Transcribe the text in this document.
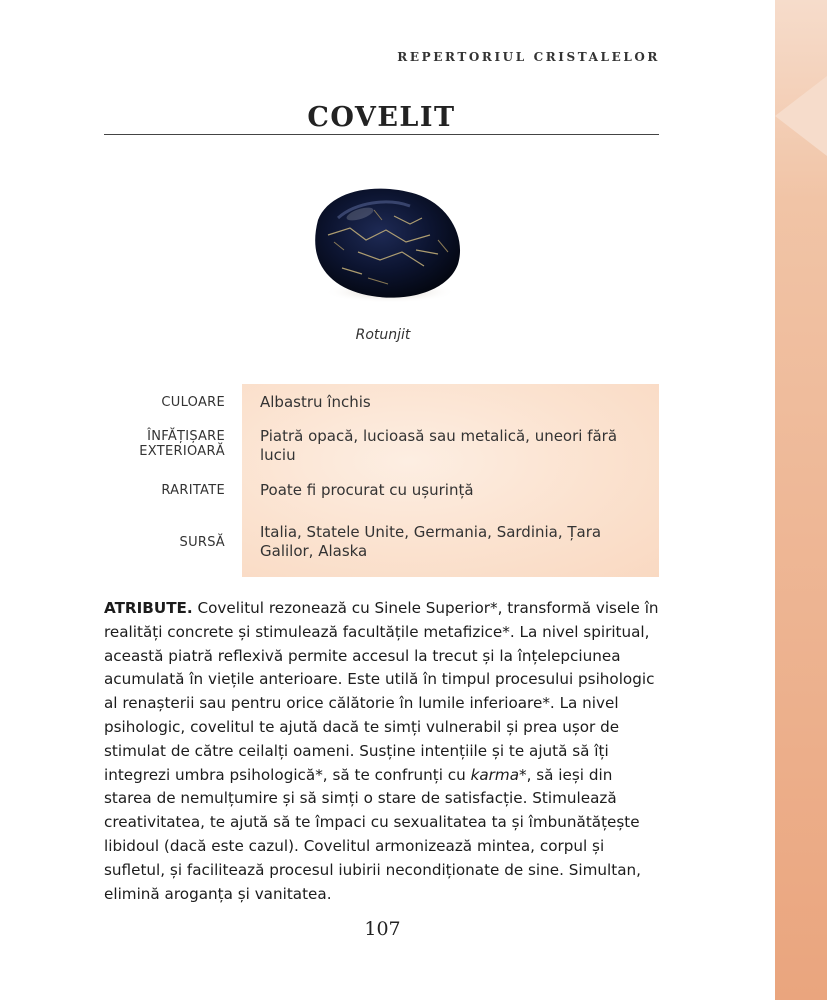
REPERTORIUL CRISTALELOR
COVELIT
Rotunjit
CULOARE Albastru închis
ÎNFĂȚIȘARE EXTERIOARĂ
Piatră opacă, lucioasă sau metalică, uneori fără luciu
RARITATE Poate fi procurat cu ușurință
SURSĂ
Italia, Statele Unite, Germania, Sardinia, Țara Galilor, Alaska
ATRIBUTE. Covelitul rezonează cu Sinele Superior*, transformă visele în realități concrete și stimulează facultățile metafizice*. La nivel spiritual, această piatră reflexivă permite accesul la trecut și la înțelepciunea acumulată în viețile anterioare. Este utilă în timpul procesului psihologic al renașterii sau pentru orice călătorie în lumile inferioare*. La nivel psihologic, covelitul te ajută dacă te simți vulnerabil și prea ușor de stimulat de către ceilalți oameni. Susține intențiile și te ajută să îți integrezi umbra psihologică*, să te confrunți cu karma*, să ieși din starea de nemulțumire și să simți o stare de satisfacție. Stimulează creativitatea, te ajută să te împaci cu sexualitatea ta și îmbunătățește libidoul (dacă este cazul). Covelitul armonizează mintea, corpul și sufletul, și facilitează procesul iubirii necondiționate de sine. Simultan, elimină aroganța și vanitatea.
107
